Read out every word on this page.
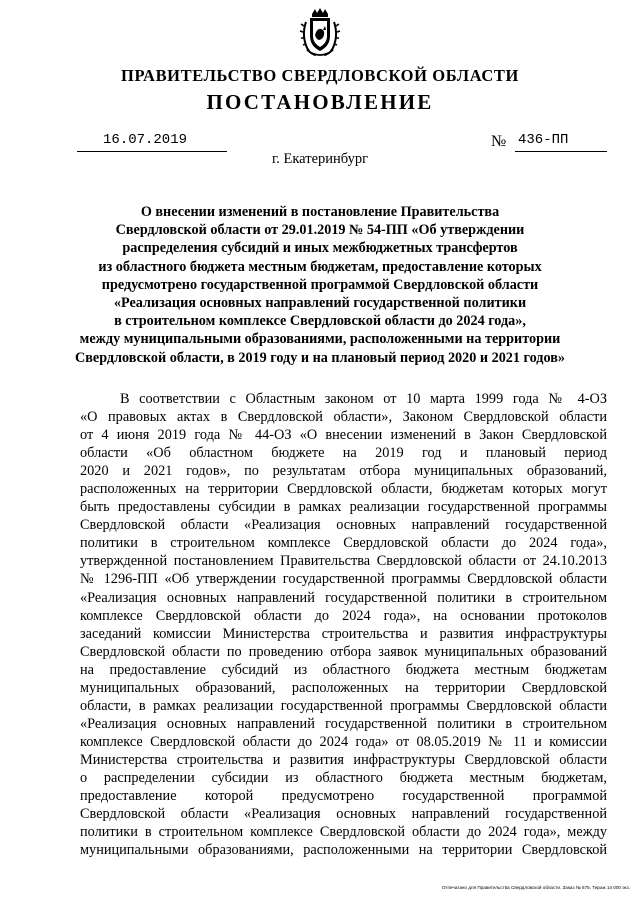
ПРАВИТЕЛЬСТВО СВЕРДЛОВСКОЙ ОБЛАСТИ
ПОСТАНОВЛЕНИЕ
16.07.2019	№ 436-ПП
г. Екатеринбург
О внесении изменений в постановление Правительства
Свердловской области от 29.01.2019 № 54-ПП «Об утверждении
распределения субсидий и иных межбюджетных трансфертов
из областного бюджета местным бюджетам, предоставление которых
предусмотрено государственной программой Свердловской области
«Реализация основных направлений государственной политики
в строительном комплексе Свердловской области до 2024 года»,
между муниципальными образованиями, расположенными на территории
Свердловской области, в 2019 году и на плановый период 2020 и 2021 годов»
В соответствии с Областным законом от 10 марта 1999 года № 4-ОЗ
«О правовых актах в Свердловской области», Законом Свердловской области
от 4 июня 2019 года № 44-ОЗ «О внесении изменений в Закон Свердловской
области «Об областном бюджете на 2019 год и плановый период
2020 и 2021 годов», по результатам отбора муниципальных образований,
расположенных на территории Свердловской области, бюджетам которых могут
быть предоставлены субсидии в рамках реализации государственной программы
Свердловской области «Реализация основных направлений государственной
политики в строительном комплексе Свердловской области до 2024 года»,
утвержденной постановлением Правительства Свердловской области от 24.10.2013
№ 1296-ПП «Об утверждении государственной программы Свердловской области
«Реализация основных направлений государственной политики в строительном
комплексе Свердловской области до 2024 года», на основании протоколов
заседаний комиссии Министерства строительства и развития инфраструктуры
Свердловской области по проведению отбора заявок муниципальных образований
на предоставление субсидий из областного бюджета местным бюджетам
муниципальных образований, расположенных на территории Свердловской
области, в рамках реализации государственной программы Свердловской области
«Реализация основных направлений государственной политики в строительном
комплексе Свердловской области до 2024 года» от 08.05.2019 № 11 и комиссии
Министерства строительства и развития инфраструктуры Свердловской области
о распределении субсидии из областного бюджета местным бюджетам,
предоставление которой предусмотрено государственной программой
Свердловской области «Реализация основных направлений государственной
политики в строительном комплексе Свердловской области до 2024 года», между
муниципальными образованиями, расположенными на территории Свердловской
Отпечатано для Правительства Свердловской области. Заказ № 675. Тираж 14 000 экз.
